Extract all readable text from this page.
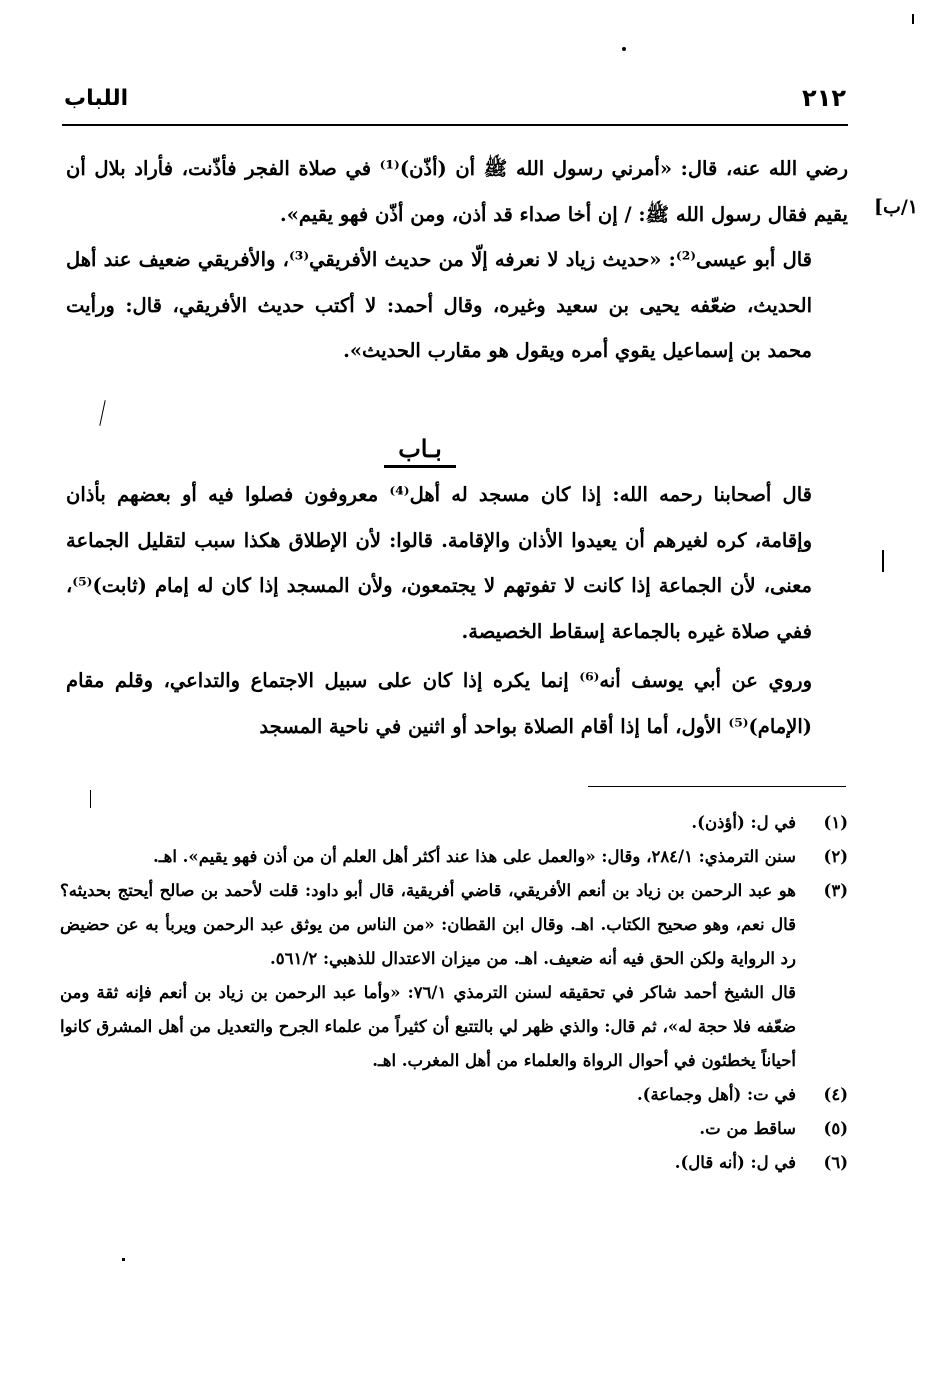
٢١٢
اللباب
١/ب]

رضي الله عنه، قال: «أمرني رسول الله ﷺ أن (أذّن)⁽¹⁾ في صلاة الفجر فأذّنت، فأراد بلال أن يقيم فقال رسول الله ﷺ: / إن أخا صداء قد أذن، ومن أذّن فهو يقيم».

قال أبو عيسى⁽²⁾: «حديث زياد لا نعرفه إلّا من حديث الأفريقي⁽³⁾، والأفريقي ضعيف عند أهل الحديث، ضعّفه يحيى بن سعيد وغيره، وقال أحمد: لا أكتب حديث الأفريقي، قال: ورأيت محمد بن إسماعيل يقوي أمره ويقول هو مقارب الحديث».

بـاب

قال أصحابنا رحمه الله: إذا كان مسجد له أهل⁽⁴⁾ معروفون فصلوا فيه أو بعضهم بأذان وإقامة، كره لغيرهم أن يعيدوا الأذان والإقامة. قالوا: لأن الإطلاق هكذا سبب لتقليل الجماعة معنى، لأن الجماعة إذا كانت لا تفوتهم لا يجتمعون، ولأن المسجد إذا كان له إمام (ثابت)⁽⁵⁾، ففي صلاة غيره بالجماعة إسقاط الخصيصة.

وروي عن أبي يوسف أنه⁽⁶⁾ إنما يكره إذا كان على سبيل الاجتماع والتداعي، وقلم مقام (الإمام)⁽⁵⁾ الأول، أما إذا أقام الصلاة بواحد أو اثنين في ناحية المسجد

(١)
في ل: (أؤذن).
(٢)
سنن الترمذي: ٢٨٤/١، وقال: «والعمل على هذا عند أكثر أهل العلم أن من أذن فهو يقيم». اهـ.
(٣)
هو عبد الرحمن بن زياد بن أنعم الأفريقي، قاضي أفريقية، قال أبو داود: قلت لأحمد بن صالح أيحتج بحديثه؟ قال نعم، وهو صحيح الكتاب. اهـ. وقال ابن القطان: «من الناس من يوثق عبد الرحمن ويربأ به عن حضيض رد الرواية ولكن الحق فيه أنه ضعيف. اهـ. من ميزان الاعتدال للذهبي: ٥٦١/٢.
قال الشيخ أحمد شاكر في تحقيقه لسنن الترمذي ٧٦/١: «وأما عبد الرحمن بن زياد بن أنعم فإنه ثقة ومن ضعّفه فلا حجة له»، ثم قال: والذي ظهر لي بالتتبع أن كثيراً من علماء الجرح والتعديل من أهل المشرق كانوا أحياناً يخطئون في أحوال الرواة والعلماء من أهل المغرب. اهـ.
(٤)
في ت: (أهل وجماعة).
(٥)
ساقط من ت.
(٦)
في ل: (أنه قال).
